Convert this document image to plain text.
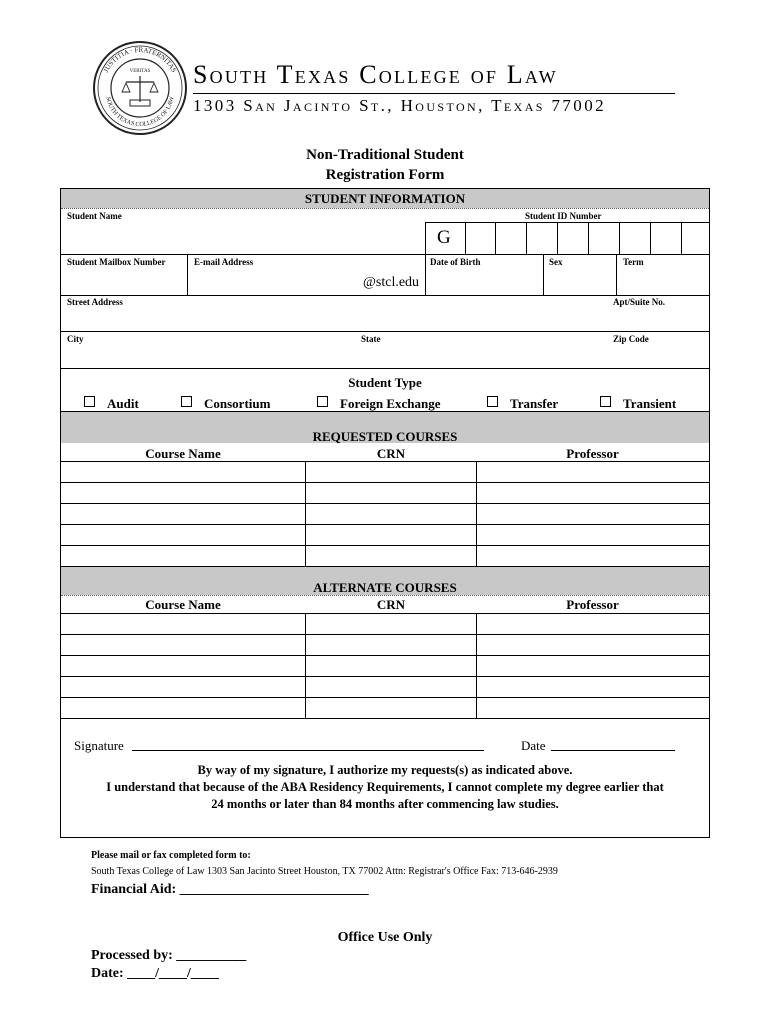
JUSTITIA · FRATERNITAS
SOUTH TEXAS COLLEGE OF LAW
VERITAS South Texas College of Law
1303 San Jacinto St., Houston, Texas 77002
Non-Traditional Student
Registration Form
STUDENT INFORMATION
Student Name	Student ID Number
G
Student Mailbox Number	E-mail Address	Date of Birth	Sex	Term
@stcl.edu
Street Address	Apt/Suite No.
City	State	Zip Code
Student Type
Audit	Consortium	Foreign Exchange	Transfer	Transient
REQUESTED COURSES
Course Name	CRN	Professor
ALTERNATE COURSES
Course Name	CRN	Professor
Signature	Date
By way of my signature, I authorize my requests(s) as indicated above.
I understand that because of the ABA Residency Requirements, I cannot complete my degree earlier that
24 months or later than 84 months after commencing law studies.
Please mail or fax completed form to:
South Texas College of Law 1303 San Jacinto Street Houston, TX 77002 Attn: Registrar's Office Fax: 713-646-2939
Financial Aid: ___________________________
Office Use Only
Processed by: __________
Date: ____/____/____
